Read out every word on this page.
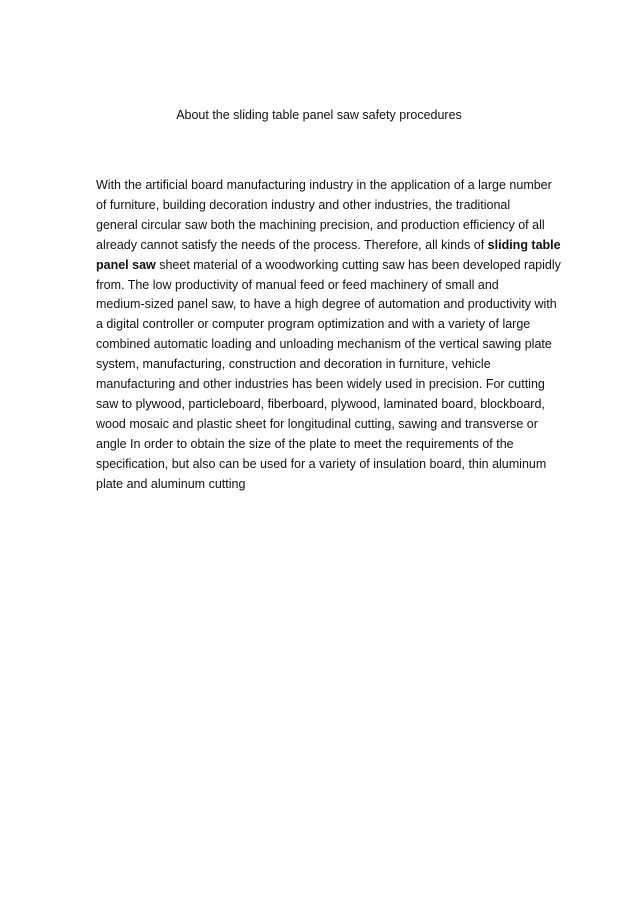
About the sliding table panel saw safety procedures

With the artificial board manufacturing industry in the application of a large number
of furniture, building decoration industry and other industries, the traditional
general circular saw both the machining precision, and production efficiency of all
already cannot satisfy the needs of the process. Therefore, all kinds of sliding table
panel saw sheet material of a woodworking cutting saw has been developed rapidly
from. The low productivity of manual feed or feed machinery of small and
medium-sized panel saw, to have a high degree of automation and productivity with
a digital controller or computer program optimization and with a variety of large
combined automatic loading and unloading mechanism of the vertical sawing plate
system, manufacturing, construction and decoration in furniture, vehicle
manufacturing and other industries has been widely used in precision. For cutting
saw to plywood, particleboard, fiberboard, plywood, laminated board, blockboard,
wood mosaic and plastic sheet for longitudinal cutting, sawing and transverse or
angle In order to obtain the size of the plate to meet the requirements of the
specification, but also can be used for a variety of insulation board, thin aluminum
plate and aluminum cutting
